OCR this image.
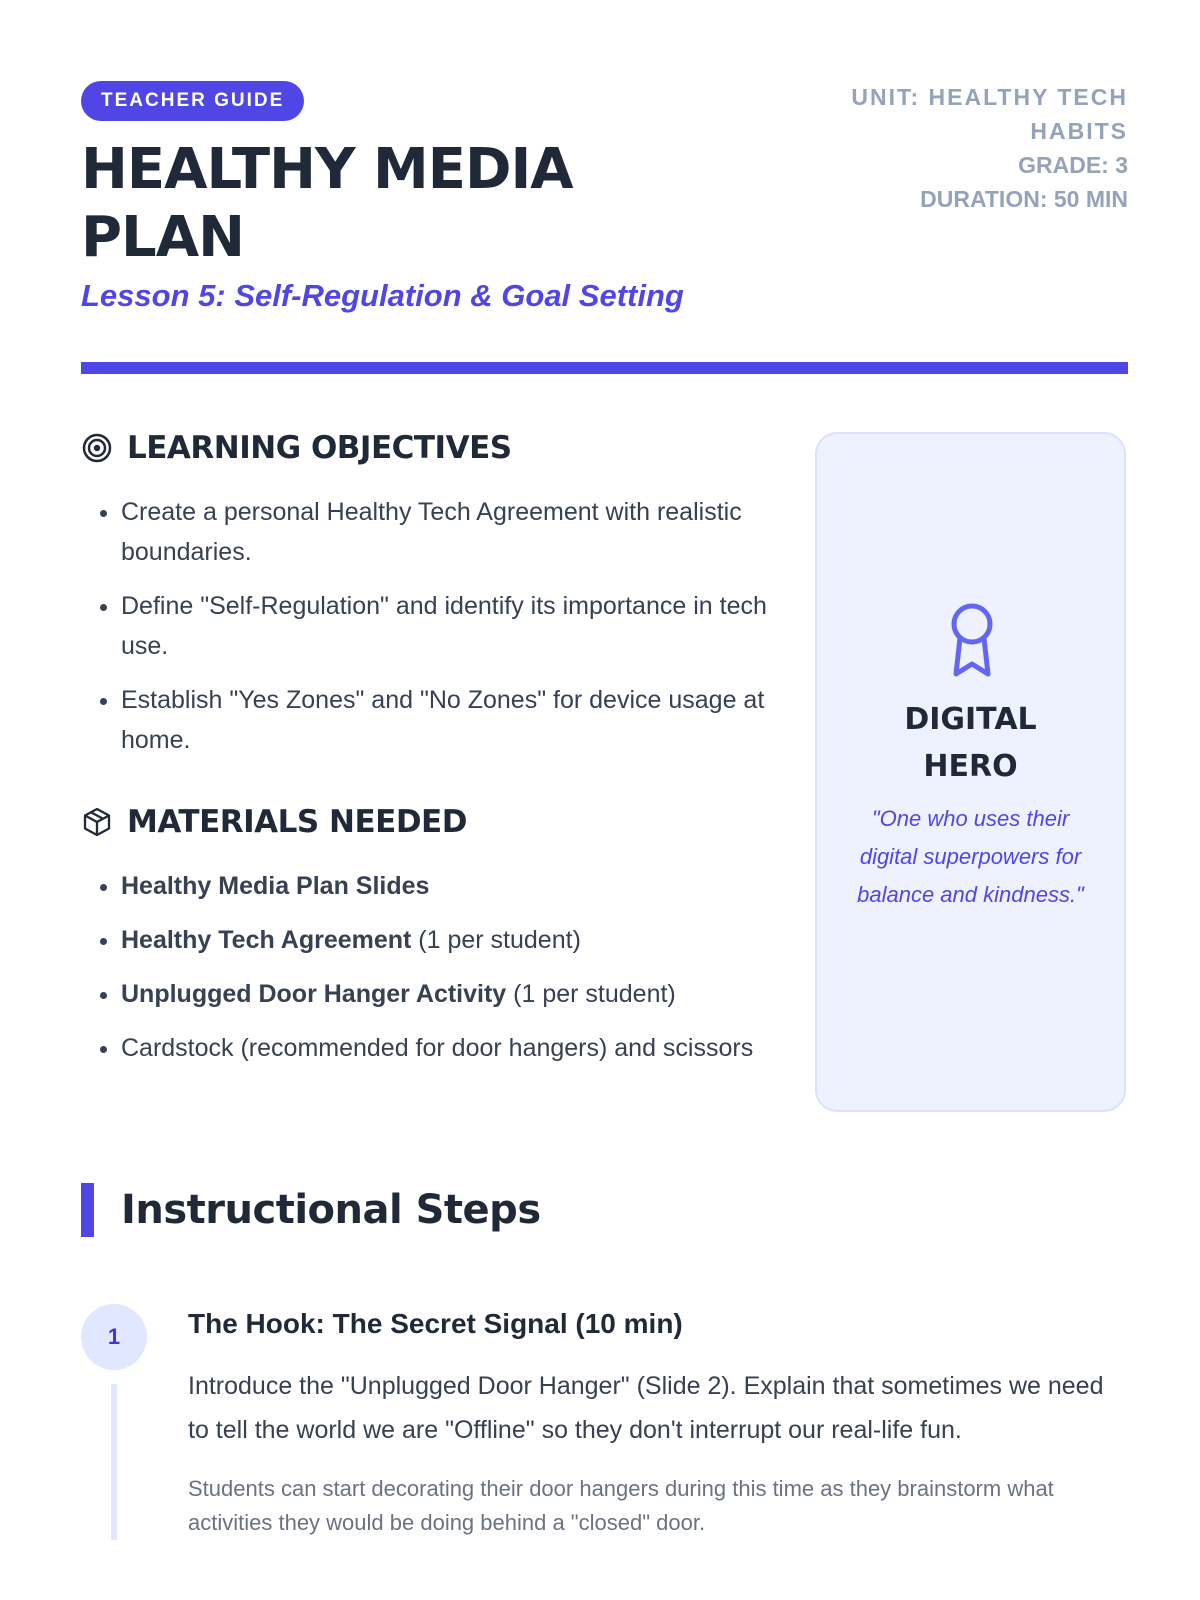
TEACHER GUIDE
HEALTHY MEDIA PLAN
Lesson 5: Self-Regulation & Goal Setting
UNIT: HEALTHY TECH HABITS
GRADE: 3
DURATION: 50 MIN
LEARNING OBJECTIVES
• Create a personal Healthy Tech Agreement with realistic boundaries.
• Define "Self-Regulation" and identify its importance in tech use.
• Establish "Yes Zones" and "No Zones" for device usage at home.
MATERIALS NEEDED
• Healthy Media Plan Slides
• Healthy Tech Agreement (1 per student)
• Unplugged Door Hanger Activity (1 per student)
• Cardstock (recommended for door hangers) and scissors
DIGITAL
HERO
"One who uses their digital superpowers for balance and kindness."
Instructional Steps
1	The Hook: The Secret Signal (10 min)
Introduce the "Unplugged Door Hanger" (Slide 2). Explain that sometimes we need to tell the world we are "Offline" so they don't interrupt our real-life fun.
Students can start decorating their door hangers during this time as they brainstorm what activities they would be doing behind a "closed" door.
